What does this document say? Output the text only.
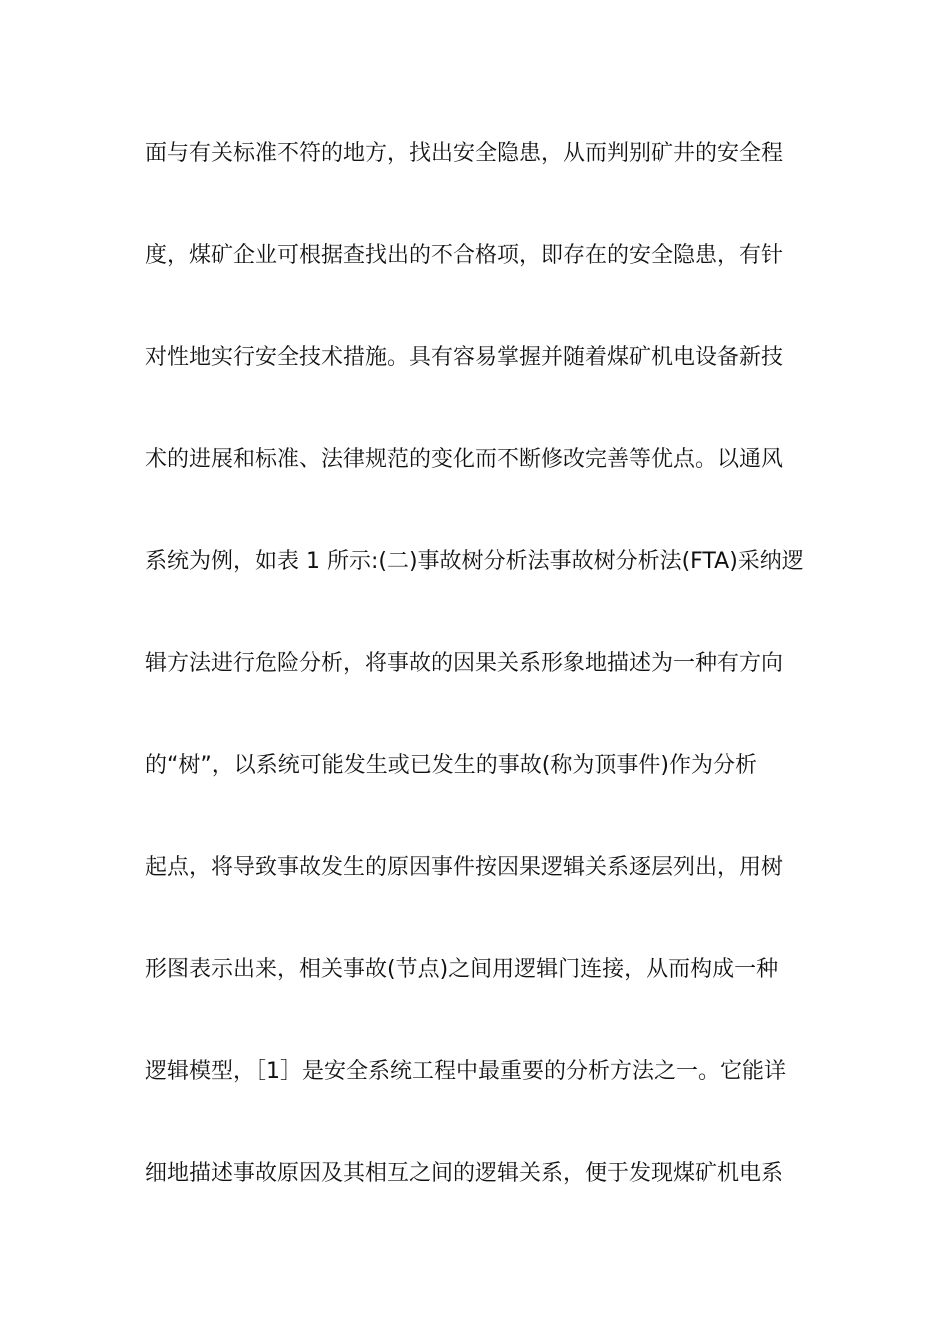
面与有关标准不符的地方，找出安全隐患，从而判别矿井的安全程
度，煤矿企业可根据查找出的不合格项，即存在的安全隐患，有针
对性地实行安全技术措施。具有容易掌握并随着煤矿机电设备新技
术的进展和标准、法律规范的变化而不断修改完善等优点。以通风
系统为例，如表 1 所示:(二)事故树分析法事故树分析法(FTA)采纳逻
辑方法进行危险分析，将事故的因果关系形象地描述为一种有方向
的“树”，以系统可能发生或已发生的事故(称为顶事件)作为分析
起点，将导致事故发生的原因事件按因果逻辑关系逐层列出，用树
形图表示出来，相关事故(节点)之间用逻辑门连接，从而构成一种
逻辑模型，［1］是安全系统工程中最重要的分析方法之一。它能详
细地描述事故原因及其相互之间的逻辑关系，便于发现煤矿机电系
